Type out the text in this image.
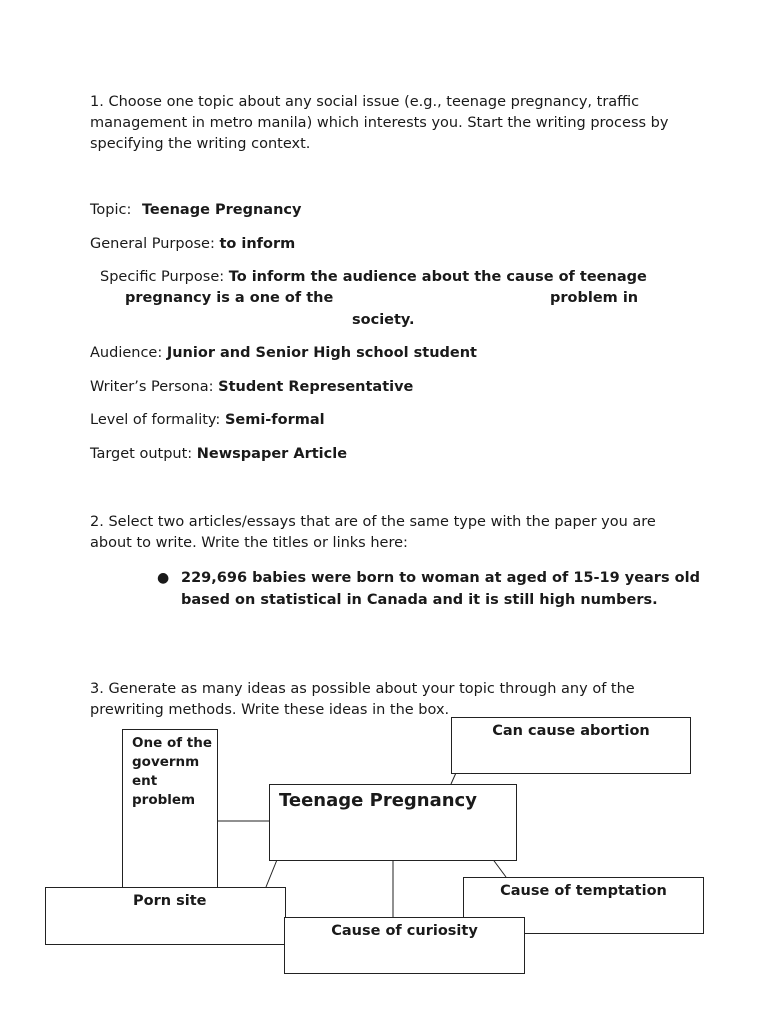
1. Choose one topic about any social issue (e.g., teenage pregnancy, traffic management in metro manila) which interests you. Start the writing process by specifying the writing context.
Topic: Teenage Pregnancy
General Purpose: to inform
Specific Purpose: To inform the audience about the cause of teenage
pregnancy is a one of the	problem in
society.
Audience: Junior and Senior High school student
Writer’s Persona: Student Representative
Level of formality: Semi-formal
Target output: Newspaper Article
2. Select two articles/essays that are of the same type with the paper you are about to write. Write the titles or links here:
● 229,696 babies were born to woman at aged of 15-19 years old based on statistical in Canada and it is still high numbers.
3. Generate as many ideas as possible about your topic through any of the prewriting methods. Write these ideas in the box.
One of the governm ent problem
Can cause abortion
Teenage Pregnancy
Cause of temptation
Porn site
Cause of curiosity
